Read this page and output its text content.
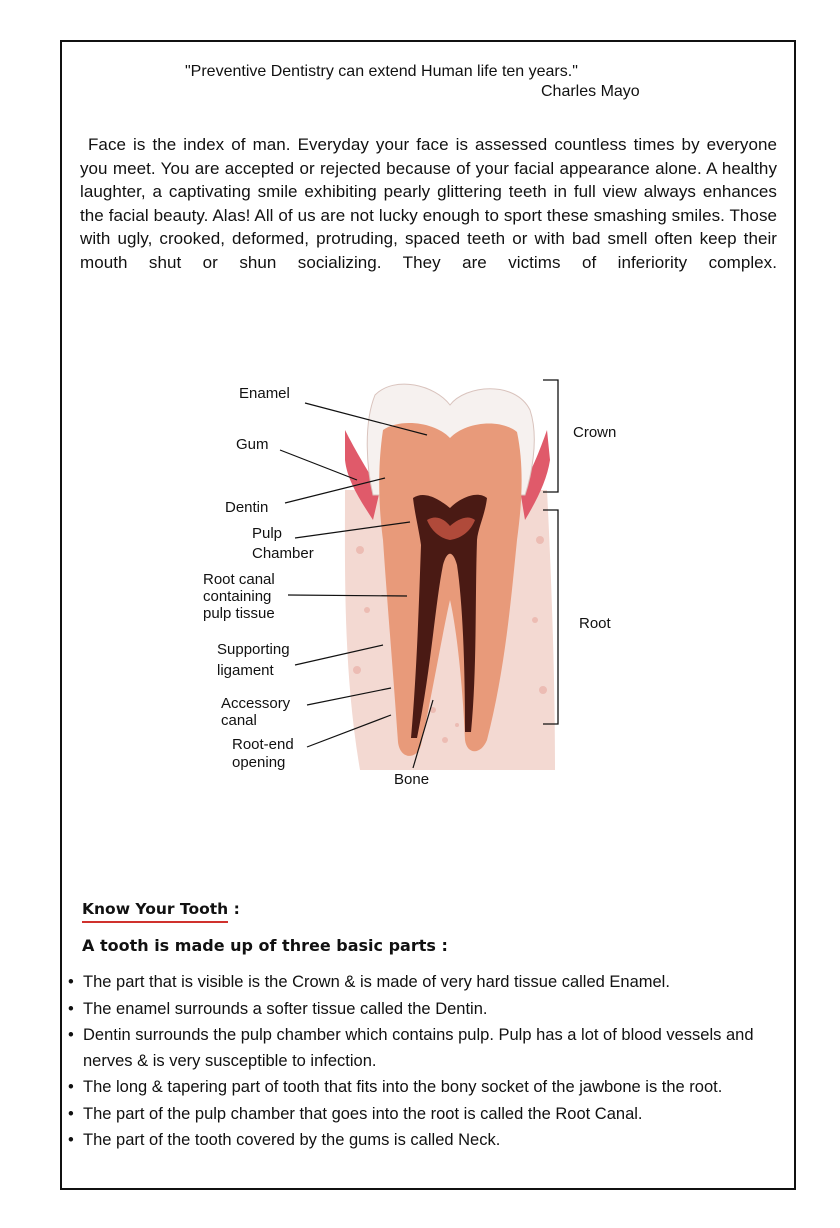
"Preventive Dentistry can extend Human life ten years."
Charles Mayo

Face is the index of man. Everyday your face is assessed countless times by everyone you meet. You are accepted or rejected because of your facial appearance alone. A healthy laughter, a captivating smile exhibiting pearly glittering teeth in full view always enhances the facial beauty. Alas! All of us are not lucky enough to sport these smashing smiles. Those with ugly, crooked, deformed, protruding, spaced teeth or with bad smell often keep their mouth shut or shun socializing. They are victims of inferiority complex.

Enamel
Gum
Dentin
Pulp
Chamber
Root canal
containing
pulp tissue
Supporting
ligament
Accessory
canal
Root-end
opening
Bone
Crown
Root
Know Your Tooth :
A tooth is made up of three basic parts :
• The part that is visible is the Crown & is made of very hard tissue called Enamel.
• The enamel surrounds a softer tissue called the Dentin.
• Dentin surrounds the pulp chamber which contains pulp. Pulp has a lot of blood vessels and nerves & is very susceptible to infection.
• The long & tapering part of tooth that fits into the bony socket of the jawbone is the root.
• The part of the pulp chamber that goes into the root is called the Root Canal.
• The part of the tooth covered by the gums is called Neck.
